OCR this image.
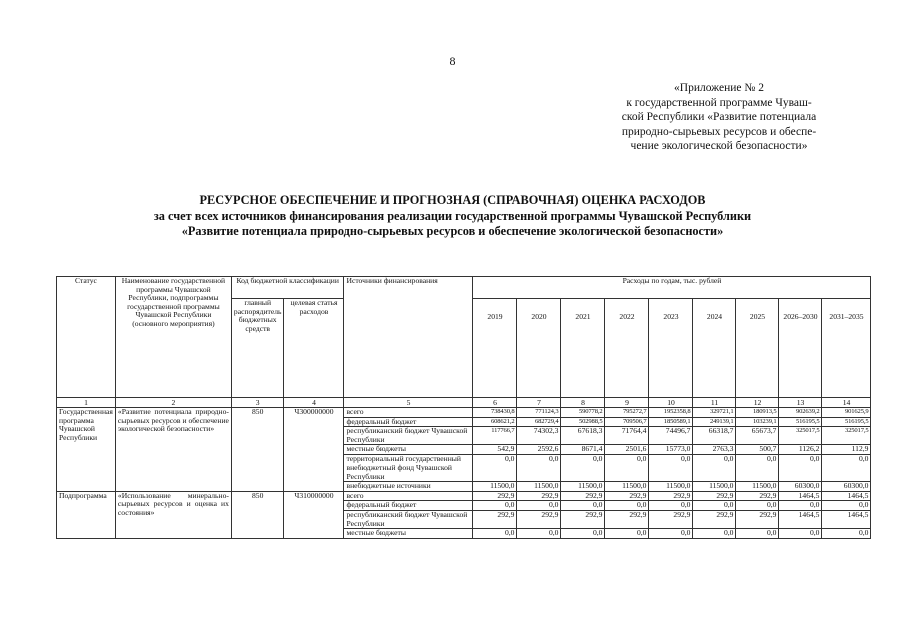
8
«Приложение № 2
к государственной программе Чуваш-
ской Республики «Развитие потенциала
природно-сырьевых ресурсов и обеспе-
чение экологической безопасности»
РЕСУРСНОЕ ОБЕСПЕЧЕНИЕ И ПРОГНОЗНАЯ (СПРАВОЧНАЯ) ОЦЕНКА РАСХОДОВ
за счет всех источников финансирования реализации государственной программы Чувашской Республики
«Развитие потенциала природно-сырьевых ресурсов и обеспечение экологической безопасности»
Статус	Наименование государственной программы Чувашской Республики, подпрограммы государственной программы Чувашской Республики (основного мероприятия)	Код бюджетной классификации		Источники финансирования	Расходы по годам, тыс. рублей								
		главный распорядитель бюджетных средств	целевая статья расходов		2019	2020	2021	2022	2023	2024	2025	2026–2030	2031–2035
1	2	3	4	5	6	7	8	9	10	11	12	13	14
Государственная программа Чувашской Республики	«Развитие потенциала природно-сырьевых ресурсов и обеспечение экологической безопасности»	850	Ч300000000	всего	738430,8	771124,3	590778,2	795272,7	1952358,8	329721,1	180913,5	902639,2	901625,9
				федеральный бюджет	608621,2	682729,4	502988,5	709506,7	1850589,1	249139,1	103239,1	516195,5	516195,5
				республиканский бюджет Чувашской Республики	117766,7	74302,3	67618,3	71764,4	74496,7	66318,7	65673,7	325017,5	325017,5
				местные бюджеты	542,9	2592,6	8671,4	2501,6	15773,0	2763,3	500,7	1126,2	112,9
				территориальный государственный внебюджетный фонд Чувашской Республики	0,0	0,0	0,0	0,0	0,0	0,0	0,0	0,0	0,0
				внебюджетные источники	11500,0	11500,0	11500,0	11500,0	11500,0	11500,0	11500,0	60300,0	60300,0
Подпрограмма	«Использование минерально-сырьевых ресурсов и оценка их состояния»	850	Ч310000000	всего	292,9	292,9	292,9	292,9	292,9	292,9	292,9	1464,5	1464,5
				федеральный бюджет	0,0	0,0	0,0	0,0	0,0	0,0	0,0	0,0	0,0
				республиканский бюджет Чувашской Республики	292,9	292,9	292,9	292,9	292,9	292,9	292,9	1464,5	1464,5
				местные бюджеты	0,0	0,0	0,0	0,0	0,0	0,0	0,0	0,0	0,0
